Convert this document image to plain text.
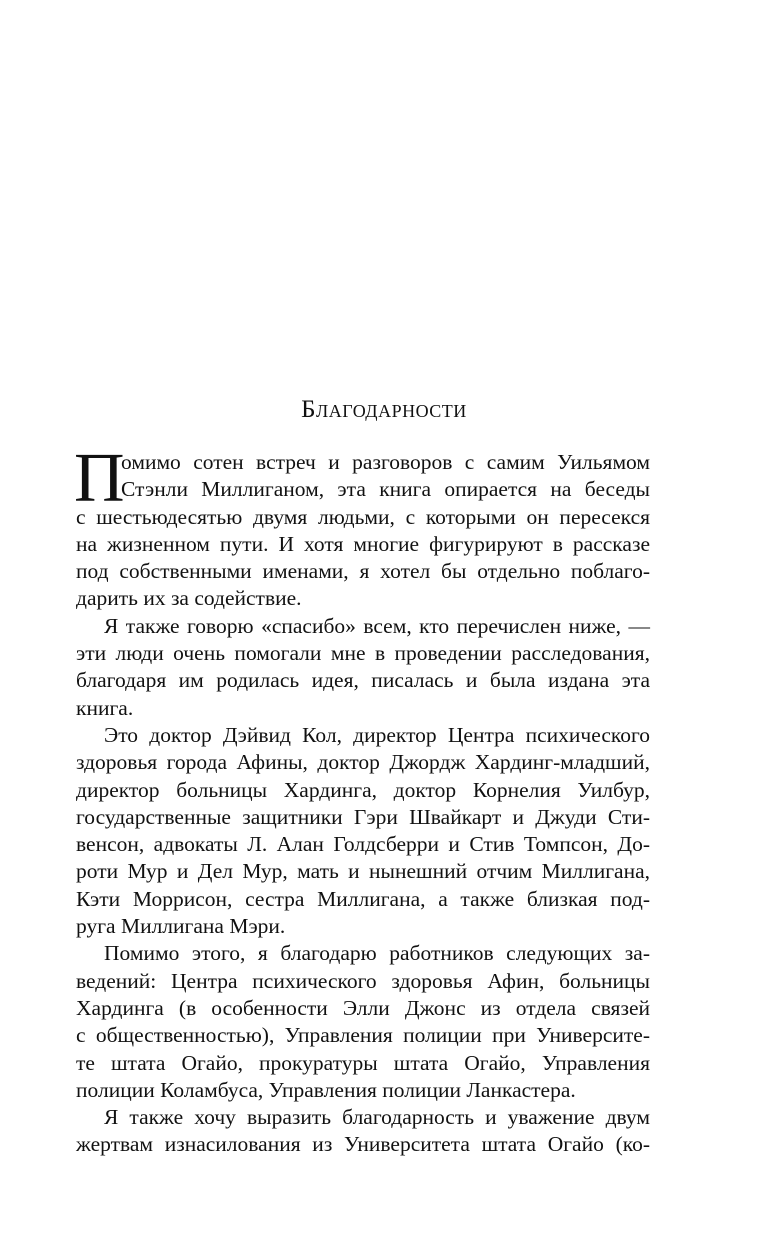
Благодарности
П
омимо сотен встреч и разговоров с самим Уильямом
Стэнли Миллиганом, эта книга опирается на беседы
с шестьюдесятью двумя людьми, с которыми он пересекся
на жизненном пути. И хотя многие фигурируют в рассказе
под собственными именами, я хотел бы отдельно поблаго-
дарить их за содействие.
Я также говорю «спасибо» всем, кто перечислен ниже, —
эти люди очень помогали мне в проведении расследования,
благодаря им родилась идея, писалась и была издана эта
книга.
Это доктор Дэйвид Кол, директор Центра психического
здоровья города Афины, доктор Джордж Хардинг-младший,
директор больницы Хардинга, доктор Корнелия Уилбур,
государственные защитники Гэри Швайкарт и Джуди Сти-
венсон, адвокаты Л. Алан Голдсберри и Стив Томпсон, До-
роти Мур и Дел Мур, мать и нынешний отчим Миллигана,
Кэти Моррисон, сестра Миллигана, а также близкая под-
руга Миллигана Мэри.
Помимо этого, я благодарю работников следующих за-
ведений: Центра психического здоровья Афин, больницы
Хардинга (в особенности Элли Джонс из отдела связей
с общественностью), Управления полиции при Университе-
те штата Огайо, прокуратуры штата Огайо, Управления
полиции Коламбуса, Управления полиции Ланкастера.
Я также хочу выразить благодарность и уважение двум
жертвам изнасилования из Университета штата Огайо (ко-
